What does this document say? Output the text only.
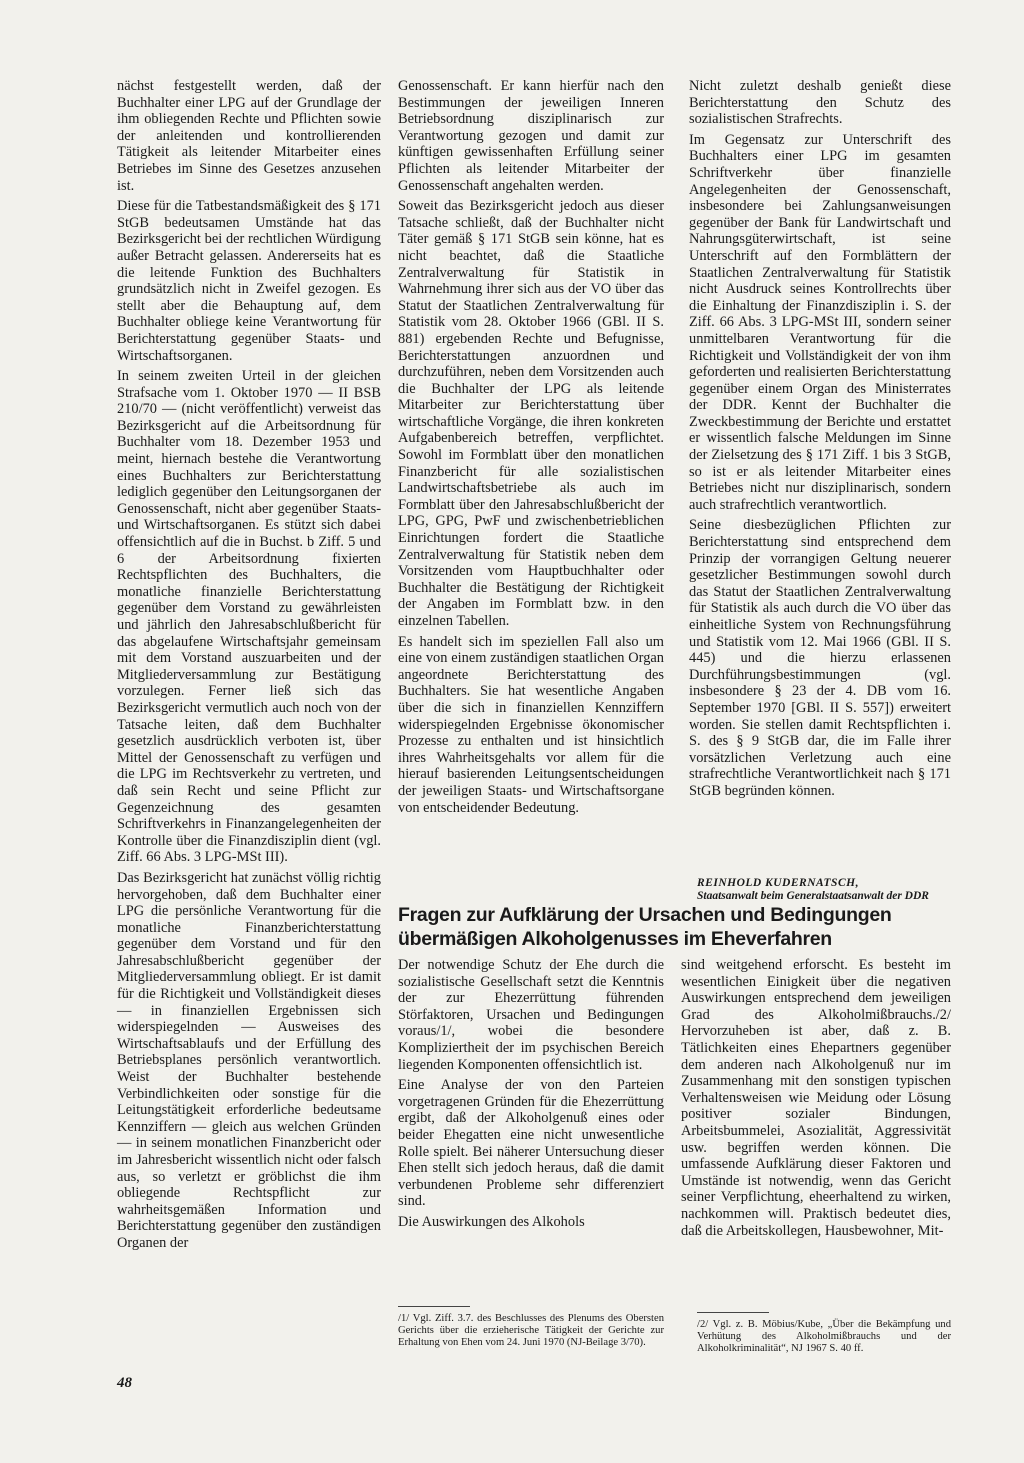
nächst festgestellt werden, daß der Buchhalter einer LPG auf der Grundlage der ihm obliegenden Rechte und Pflichten sowie der anleitenden und kontrollierenden Tätigkeit als leitender Mitarbeiter eines Betriebes im Sinne des Gesetzes anzusehen ist.

Diese für die Tatbestandsmäßigkeit des § 171 StGB bedeutsamen Umstände hat das Bezirksgericht bei der rechtlichen Würdigung außer Betracht gelassen. Andererseits hat es die leitende Funktion des Buchhalters grundsätzlich nicht in Zweifel gezogen. Es stellt aber die Behauptung auf, dem Buchhalter obliege keine Verantwortung für Berichterstattung gegenüber Staats- und Wirtschaftsorganen.

In seinem zweiten Urteil in der gleichen Strafsache vom 1. Oktober 1970 — II BSB 210/70 — (nicht veröffentlicht) verweist das Bezirksgericht auf die Arbeitsordnung für Buchhalter vom 18. Dezember 1953 und meint, hiernach bestehe die Verantwortung eines Buchhalters zur Berichterstattung lediglich gegenüber den Leitungsorganen der Genossenschaft, nicht aber gegenüber Staats- und Wirtschaftsorganen. Es stützt sich dabei offensichtlich auf die in Buchst. b Ziff. 5 und 6 der Arbeitsordnung fixierten Rechtspflichten des Buchhalters, die monatliche finanzielle Berichterstattung gegenüber dem Vorstand zu gewährleisten und jährlich den Jahresabschlußbericht für das abgelaufene Wirtschaftsjahr gemeinsam mit dem Vorstand auszuarbeiten und der Mitgliederversammlung zur Bestätigung vorzulegen. Ferner ließ sich das Bezirksgericht vermutlich auch noch von der Tatsache leiten, daß dem Buchhalter gesetzlich ausdrücklich verboten ist, über Mittel der Genossenschaft zu verfügen und die LPG im Rechtsverkehr zu vertreten, und daß sein Recht und seine Pflicht zur Gegenzeichnung des gesamten Schriftverkehrs in Finanzangelegenheiten der Kontrolle über die Finanzdisziplin dient (vgl. Ziff. 66 Abs. 3 LPG-MSt III).

Das Bezirksgericht hat zunächst völlig richtig hervorgehoben, daß dem Buchhalter einer LPG die persönliche Verantwortung für die monatliche Finanzberichterstattung gegenüber dem Vorstand und für den Jahresabschlußbericht gegenüber der Mitgliederversammlung obliegt. Er ist damit für die Richtigkeit und Vollständigkeit dieses — in finanziellen Ergebnissen sich widerspiegelnden — Ausweises des Wirtschaftsablaufs und der Erfüllung des Betriebsplanes persönlich verantwortlich. Weist der Buchhalter bestehende Verbindlichkeiten oder sonstige für die Leitungstätigkeit erforderliche bedeutsame Kennziffern — gleich aus welchen Gründen — in seinem monatlichen Finanzbericht oder im Jahresbericht wissentlich nicht oder falsch aus, so verletzt er gröblichst die ihm obliegende Rechtspflicht zur wahrheitsgemäßen Information und Berichterstattung gegenüber den zuständigen Organen der

Genossenschaft. Er kann hierfür nach den Bestimmungen der jeweiligen Inneren Betriebsordnung disziplinarisch zur Verantwortung gezogen und damit zur künftigen gewissenhaften Erfüllung seiner Pflichten als leitender Mitarbeiter der Genossenschaft angehalten werden.

Soweit das Bezirksgericht jedoch aus dieser Tatsache schließt, daß der Buchhalter nicht Täter gemäß § 171 StGB sein könne, hat es nicht beachtet, daß die Staatliche Zentralverwaltung für Statistik in Wahrnehmung ihrer sich aus der VO über das Statut der Staatlichen Zentralverwaltung für Statistik vom 28. Oktober 1966 (GBl. II S. 881) ergebenden Rechte und Befugnisse, Berichterstattungen anzuordnen und durchzuführen, neben dem Vorsitzenden auch die Buchhalter der LPG als leitende Mitarbeiter zur Berichterstattung über wirtschaftliche Vorgänge, die ihren konkreten Aufgabenbereich betreffen, verpflichtet. Sowohl im Formblatt über den monatlichen Finanzbericht für alle sozialistischen Landwirtschaftsbetriebe als auch im Formblatt über den Jahresabschlußbericht der LPG, GPG, PwF und zwischenbetrieblichen Einrichtungen fordert die Staatliche Zentralverwaltung für Statistik neben dem Vorsitzenden vom Hauptbuchhalter oder Buchhalter die Bestätigung der Richtigkeit der Angaben im Formblatt bzw. in den einzelnen Tabellen.

Es handelt sich im speziellen Fall also um eine von einem zuständigen staatlichen Organ angeordnete Berichterstattung des Buchhalters. Sie hat wesentliche Angaben über die sich in finanziellen Kennziffern widerspiegelnden Ergebnisse ökonomischer Prozesse zu enthalten und ist hinsichtlich ihres Wahrheitsgehalts vor allem für die hierauf basierenden Leitungsentscheidungen der jeweiligen Staats- und Wirtschaftsorgane von entscheidender Bedeutung.

Nicht zuletzt deshalb genießt diese Berichterstattung den Schutz des sozialistischen Strafrechts.

Im Gegensatz zur Unterschrift des Buchhalters einer LPG im gesamten Schriftverkehr über finanzielle Angelegenheiten der Genossenschaft, insbesondere bei Zahlungsanweisungen gegenüber der Bank für Landwirtschaft und Nahrungsgüterwirtschaft, ist seine Unterschrift auf den Formblättern der Staatlichen Zentralverwaltung für Statistik nicht Ausdruck seines Kontrollrechts über die Einhaltung der Finanzdisziplin i. S. der Ziff. 66 Abs. 3 LPG-MSt III, sondern seiner unmittelbaren Verantwortung für die Richtigkeit und Vollständigkeit der von ihm geforderten und realisierten Berichterstattung gegenüber einem Organ des Ministerrates der DDR. Kennt der Buchhalter die Zweckbestimmung der Berichte und erstattet er wissentlich falsche Meldungen im Sinne der Zielsetzung des § 171 Ziff. 1 bis 3 StGB, so ist er als leitender Mitarbeiter eines Betriebes nicht nur disziplinarisch, sondern auch strafrechtlich verantwortlich.

Seine diesbezüglichen Pflichten zur Berichterstattung sind entsprechend dem Prinzip der vorrangigen Geltung neuerer gesetzlicher Bestimmungen sowohl durch das Statut der Staatlichen Zentralverwaltung für Statistik als auch durch die VO über das einheitliche System von Rechnungsführung und Statistik vom 12. Mai 1966 (GBl. II S. 445) und die hierzu erlassenen Durchführungsbestimmungen (vgl. insbesondere § 23 der 4. DB vom 16. September 1970 [GBl. II S. 557]) erweitert worden. Sie stellen damit Rechtspflichten i. S. des § 9 StGB dar, die im Falle ihrer vorsätzlichen Verletzung auch eine strafrechtliche Verantwortlichkeit nach § 171 StGB begründen können.

REINHOLD KUDERNATSCH,
Staatsanwalt beim Generalstaatsanwalt der DDR
Fragen zur Aufklärung der Ursachen und Bedingungen übermäßigen Alkoholgenusses im Eheverfahren

Der notwendige Schutz der Ehe durch die sozialistische Gesellschaft setzt die Kenntnis der zur Ehezerrüttung führenden Störfaktoren, Ursachen und Bedingungen voraus/1/, wobei die besondere Kompliziertheit der im psychischen Bereich liegenden Komponenten offensichtlich ist.

Eine Analyse der von den Parteien vorgetragenen Gründen für die Ehezerrüttung ergibt, daß der Alkoholgenuß eines oder beider Ehegatten eine nicht unwesentliche Rolle spielt. Bei näherer Untersuchung dieser Ehen stellt sich jedoch heraus, daß die damit verbundenen Probleme sehr differenziert sind.

Die Auswirkungen des Alkohols

sind weitgehend erforscht. Es besteht im wesentlichen Einigkeit über die negativen Auswirkungen entsprechend dem jeweiligen Grad des Alkoholmißbrauchs./2/ Hervorzuheben ist aber, daß z. B. Tätlichkeiten eines Ehepartners gegenüber dem anderen nach Alkoholgenuß nur im Zusammenhang mit den sonstigen typischen Verhaltensweisen wie Meidung oder Lösung positiver sozialer Bindungen, Arbeitsbummelei, Asozialität, Aggressivität usw. begriffen werden können. Die umfassende Aufklärung dieser Faktoren und Umstände ist notwendig, wenn das Gericht seiner Verpflichtung, eheerhaltend zu wirken, nachkommen will. Praktisch bedeutet dies, daß die Arbeitskollegen, Hausbewohner, Mit-

/1/ Vgl. Ziff. 3.7. des Beschlusses des Plenums des Obersten Gerichts über die erzieherische Tätigkeit der Gerichte zur Erhaltung von Ehen vom 24. Juni 1970 (NJ-Beilage 3/70).
/2/ Vgl. z. B. Möbius/Kube, „Über die Bekämpfung und Verhütung des Alkoholmißbrauchs und der Alkoholkriminalität“, NJ 1967 S. 40 ff.
48
